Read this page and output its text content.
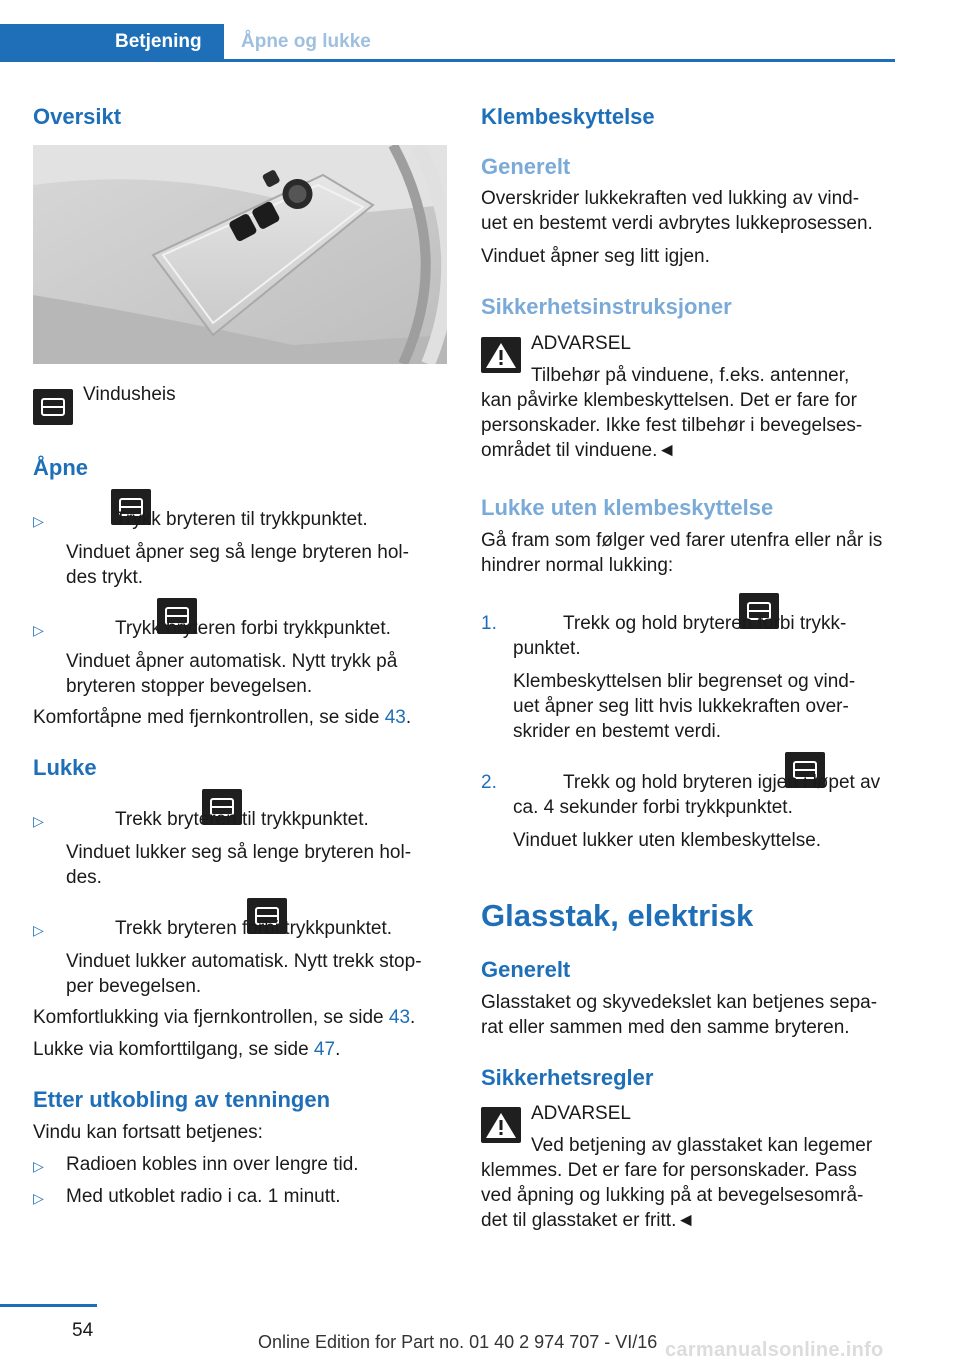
Betjening	Åpne og lukke
Oversikt

Vindusheis
Åpne
▷
	Trykk bryteren til trykkpunktet.
Vinduet åpner seg så lenge bryteren hol‐
des trykt.
▷
	Trykk bryteren forbi trykkpunktet.
Vinduet åpner automatisk. Nytt trykk på
bryteren stopper bevegelsen.
Komfortåpne med fjernkontrollen, se side 43.
Lukke
▷
	Trekk bryteren til trykkpunktet.
Vinduet lukker seg så lenge bryteren hol‐
des.
▷
	Trekk bryteren forbi trykkpunktet.
Vinduet lukker automatisk. Nytt trekk stop‐
per bevegelsen.
Komfortlukking via fjernkontrollen, se side 43.
Lukke via komforttilgang, se side 47.
Etter utkobling av tenningen
Vindu kan fortsatt betjenes:
▷ Radioen kobles inn over lengre tid.
▷ Med utkoblet radio i ca. 1 minutt.
Klembeskyttelse
Generelt
Overskrider lukkekraften ved lukking av vind‐
uet en bestemt verdi avbrytes lukkeprosessen.
Vinduet åpner seg litt igjen.
Sikkerhetsinstruksjoner
ADVARSEL
Tilbehør på vinduene, f.eks. antenner,
kan påvirke klembeskyttelsen. Det er fare for
personskader. Ikke fest tilbehør i bevegelses‐
området til vinduene.◄
Lukke uten klembeskyttelse
Gå fram som følger ved farer utenfra eller når is
hindrer normal lukking:
1.
	Trekk og hold bryteren forbi trykk‐
punktet.
Klembeskyttelsen blir begrenset og vind‐
uet åpner seg litt hvis lukkekraften over‐
skrider en bestemt verdi.
2.	Trekk og hold bryteren igjen i løpet av
ca. 4 sekunder forbi trykkpunktet.
Vinduet lukker uten klembeskyttelse.
Glasstak, elektrisk
Generelt
Glasstaket og skyvedekslet kan betjenes sepa‐
rat eller sammen med den samme bryteren.
Sikkerhetsregler
ADVARSEL
Ved betjening av glasstaket kan legemer
klemmes. Det er fare for personskader. Pass
ved åpning og lukking på at bevegelsesområ‐
det til glasstaket er fritt.◄
54
Online Edition for Part no. 01 40 2 974 707 - VI/16 carmanualsonline.info
